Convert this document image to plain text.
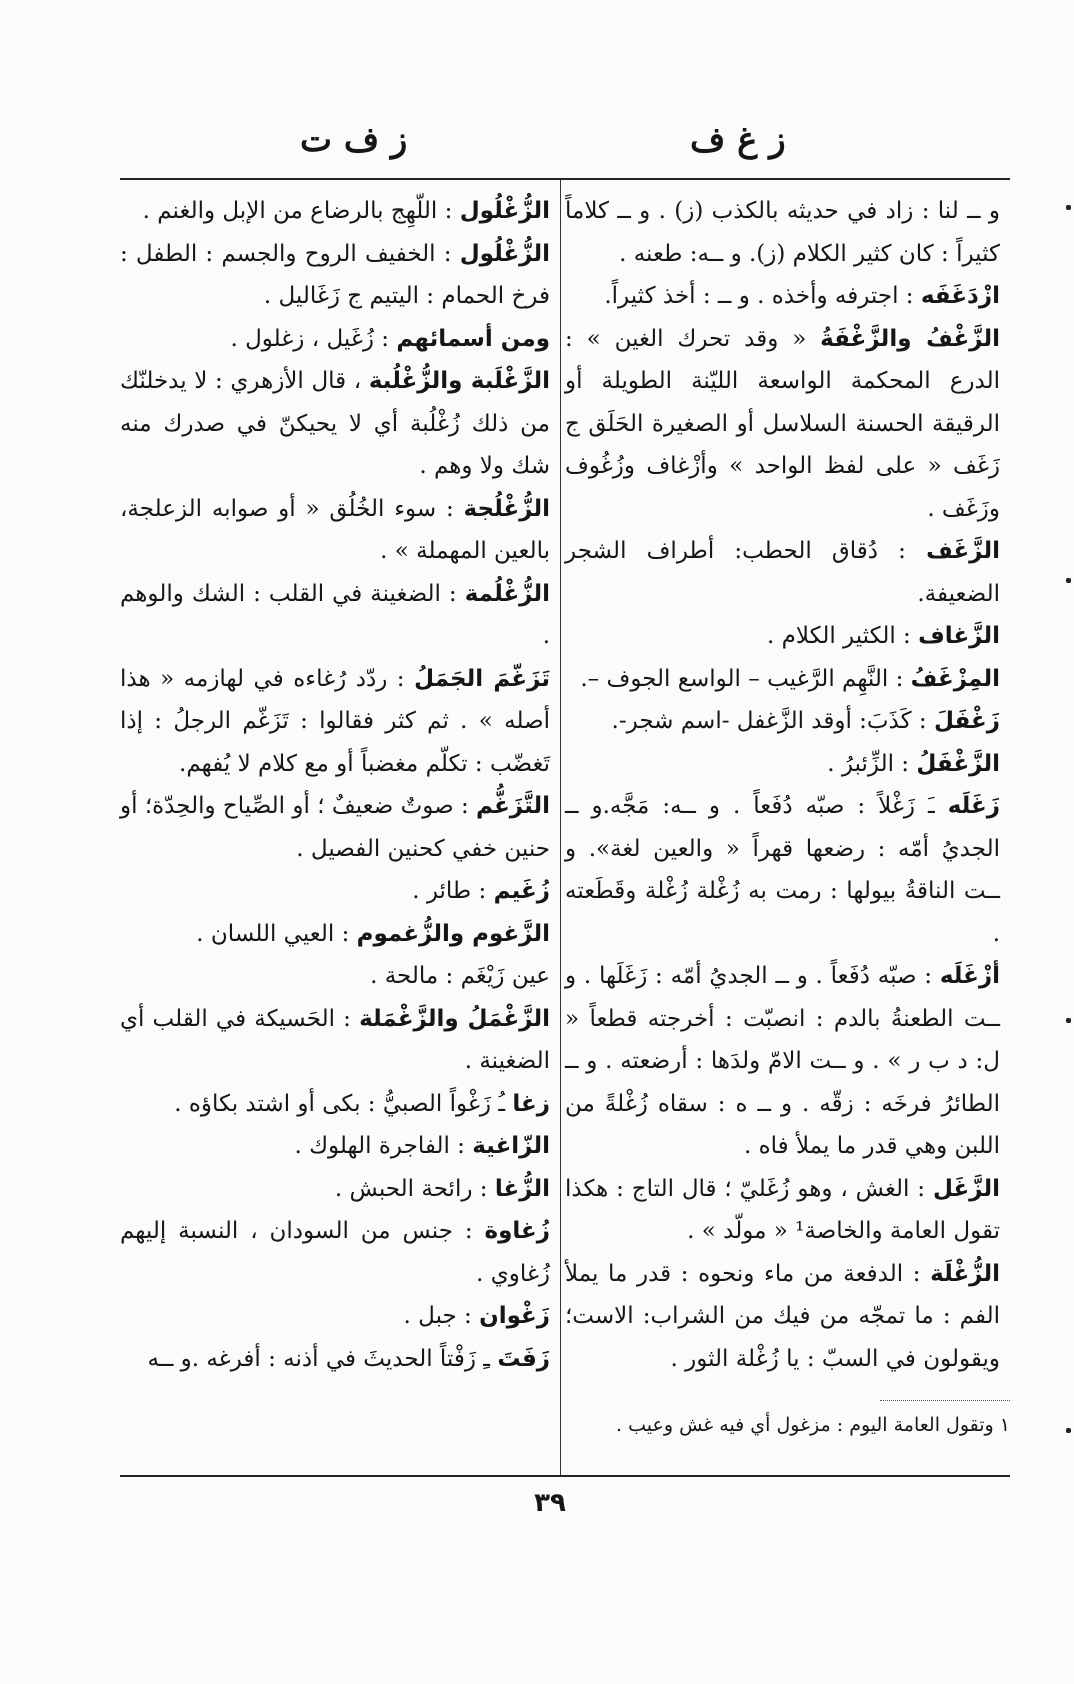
ز غ ف
ز ف ت

و ــ لنا : زاد في حديثه بالكذب (ز) . و ــ كلاماً كثيراً : كان كثير الكلام (ز). و ــه: طعنه .

ازْدَغَفَه : اجترفه وأخذه . و ــ : أخذ كثيراً.

الزَّغْفُ والزَّغْفَةُ « وقد تحرك الغين » : الدرع المحكمة الواسعة الليّنة الطويلة أو الرقيقة الحسنة السلاسل أو الصغيرة الحَلَق ج زَغَف « على لفظ الواحد » وأزْغاف وزُغُوف وزَغَف .

الزَّغَف : دُقاق الحطب: أطراف الشجر الضعيفة.

الزَّغاف : الكثير الكلام .

المِزْغَفُ : النَّهِم الرَّغيب – الواسع الجوف –.

زَغْفَلَ : كَذَبَ: أوقد الزَّغفل -اسم شجر-.

الزَّغْفَلُ : الزِّئبرُ .

زَغَلَه ـَ زَغْلاً : صبّه دُفَعاً . و ــه: مَجَّه.و ــ الجديُ أمّه : رضعها قهراً « والعين لغة». و ــت الناقةُ بيولها : رمت به زُغْلة زُغْلة وقَطَعته .

أزْغَلَه : صبّه دُفَعاً . و ــ الجديُ أمّه : زَغَلَها . و ــت الطعنةُ بالدم : انصبّت : أخرجته قطعاً « ل: د ب ر » . و ــت الامّ ولدَها : أرضعته . و ــ الطائرُ فرخَه : زقّه . و ــ ه : سقاه زُغْلةً من اللبن وهي قدر ما يملأ فاه .

الزَّغَل : الغش ، وهو زُغَليّ ؛ قال التاج : هكذا تقول العامة والخاصة¹ « مولّد » .

الزُّغْلَة : الدفعة من ماء ونحوه : قدر ما يملأ الفم : ما تمجّه من فيك من الشراب: الاست؛ ويقولون في السبّ : يا زُغْلة الثور .

الزُّغْلُول : اللّهِج بالرضاع من الإبل والغنم .

الزُّغْلُول : الخفيف الروح والجسم : الطفل : فرخ الحمام : اليتيم ج زَغَاليل .

ومن أسمائهم : زُغَيل ، زغلول .

الزَّغْلَبة والزُّغْلُبة ، قال الأزهري : لا يدخلنّك من ذلك زُغْلُبة أي لا يحيكنّ في صدرك منه شك ولا وهم .

الزُّغْلُجة : سوء الخُلُق « أو صوابه الزعلجة، بالعين المهملة » .

الزُّغْلُمة : الضغينة في القلب : الشك والوهم .

تَزَغّمَ الجَمَلُ : ردّد رُغاءه في لهازمه « هذا أصله » . ثم كثر فقالوا : تَزَغّم الرجلُ : إذا تَغضّب : تكلّم مغضباً أو مع كلام لا يُفهم.

التَّزَغُّم : صوتٌ ضعيفٌ ؛ أو الصِّياح والحِدّة؛ أو حنين خفي كحنين الفصيل .

زُغَيم : طائر .

الزَّغوم والزُّغموم : العيي اللسان .

عين زَيْغَم : مالحة .

الزَّغْمَلُ والزَّغْمَلة : الحَسيكة في القلب أي الضغينة .

زغا ـُ زَغْواً الصبيُّ : بكى أو اشتد بكاؤه .

الزّاغية : الفاجرة الهلوك .

الزُّغا : رائحة الحبش .

زُغاوة : جنس من السودان ، النسبة إليهم زُغاوي .

زَغْوان : جبل .

زَفَتَ ـِ زَفْتاً الحديثَ في أذنه : أفرغه .و ــه

١ وتقول العامة اليوم : مزغول أي فيه غش وعيب .
٣٩
